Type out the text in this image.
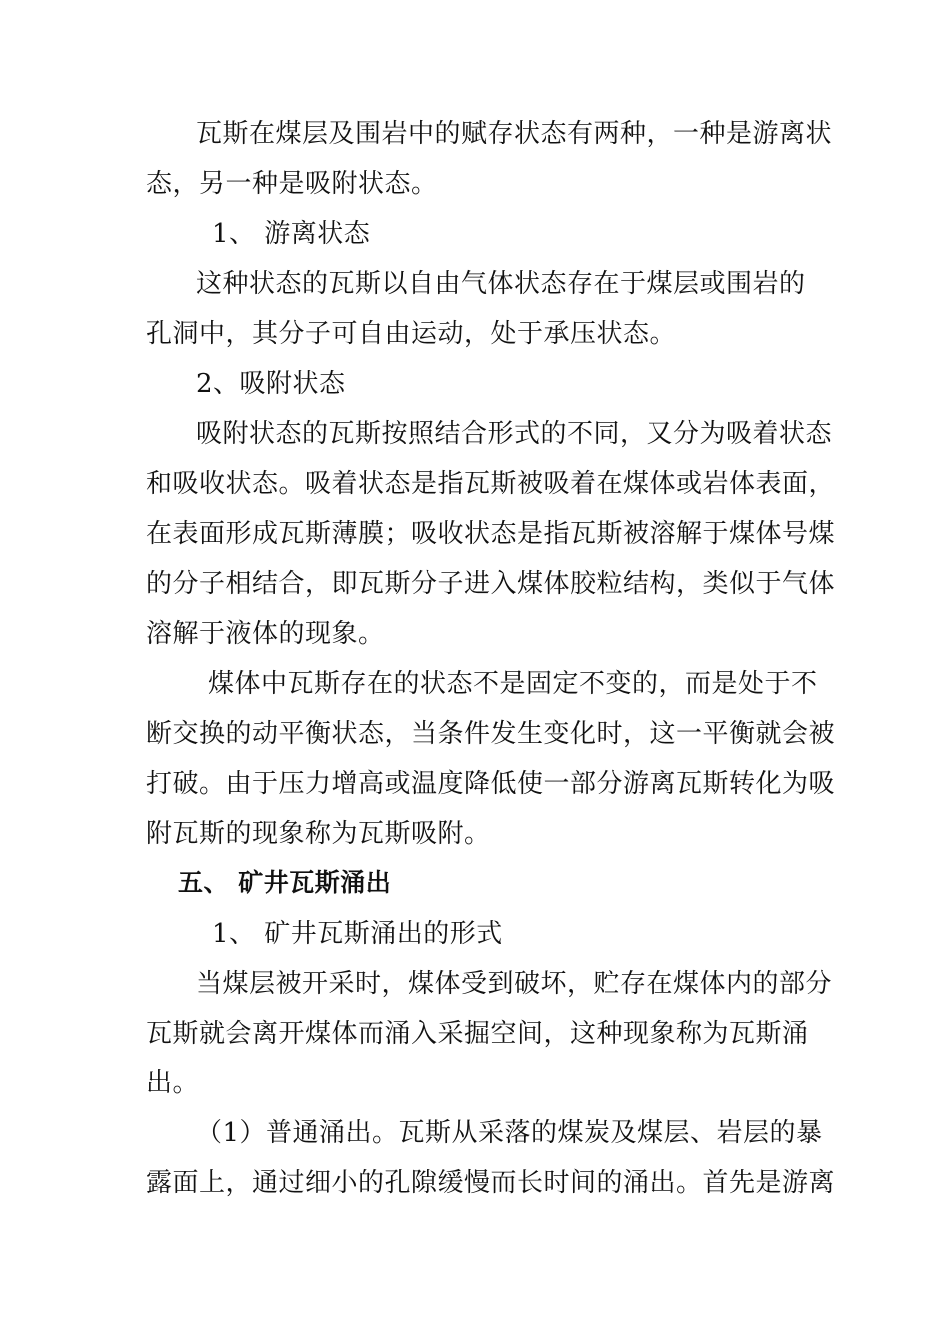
瓦斯在煤层及围岩中的赋存状态有两种，一种是游离状
态，另一种是吸附状态。
1、 游离状态
这种状态的瓦斯以自由气体状态存在于煤层或围岩的
孔洞中，其分子可自由运动，处于承压状态。
2、吸附状态
吸附状态的瓦斯按照结合形式的不同，又分为吸着状态
和吸收状态。吸着状态是指瓦斯被吸着在煤体或岩体表面，
在表面形成瓦斯薄膜；吸收状态是指瓦斯被溶解于煤体号煤
的分子相结合，即瓦斯分子进入煤体胶粒结构，类似于气体
溶解于液体的现象。
煤体中瓦斯存在的状态不是固定不变的，而是处于不
断交换的动平衡状态，当条件发生变化时，这一平衡就会被
打破。由于压力增高或温度降低使一部分游离瓦斯转化为吸
附瓦斯的现象称为瓦斯吸附。
五、 矿井瓦斯涌出
1、 矿井瓦斯涌出的形式
当煤层被开采时，煤体受到破坏，贮存在煤体内的部分
瓦斯就会离开煤体而涌入采掘空间，这种现象称为瓦斯涌
出。
（1）普通涌出。瓦斯从采落的煤炭及煤层、岩层的暴
露面上，通过细小的孔隙缓慢而长时间的涌出。首先是游离
